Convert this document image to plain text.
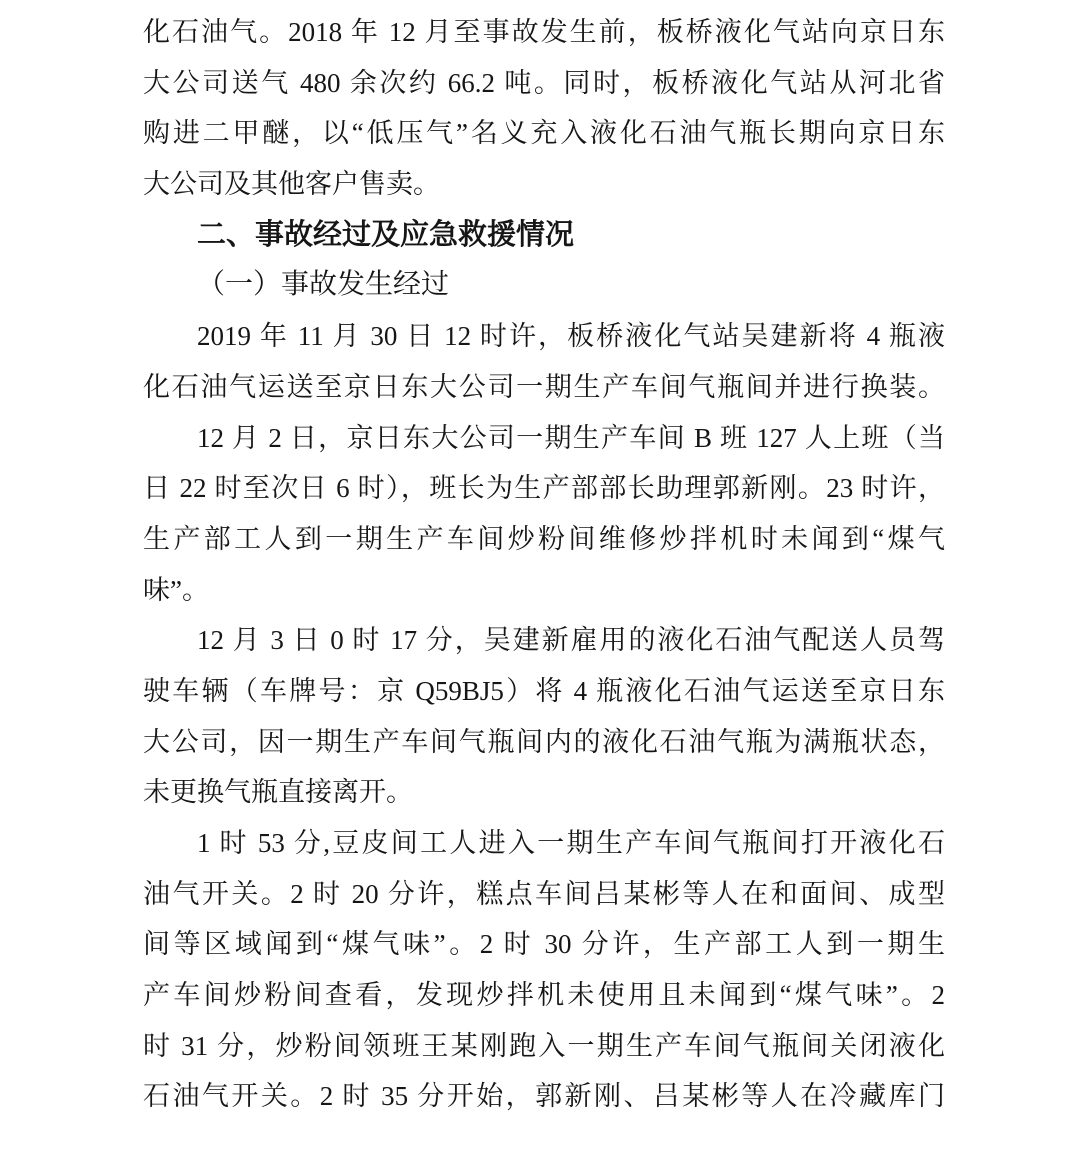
化石油气。2018 年 12 月至事故发生前，板桥液化气站向京日东
大公司送气 480 余次约 66.2 吨。同时，板桥液化气站从河北省
购进二甲醚，以“低压气”名义充入液化石油气瓶长期向京日东
大公司及其他客户售卖。
二、事故经过及应急救援情况
（一）事故发生经过
2019 年 11 月 30 日 12 时许，板桥液化气站吴建新将 4 瓶液
化石油气运送至京日东大公司一期生产车间气瓶间并进行换装。
12 月 2 日，京日东大公司一期生产车间 B 班 127 人上班（当
日 22 时至次日 6 时），班长为生产部部长助理郭新刚。23 时许，
生产部工人到一期生产车间炒粉间维修炒拌机时未闻到“煤气
味”。
12 月 3 日 0 时 17 分，吴建新雇用的液化石油气配送人员驾
驶车辆（车牌号：京 Q59BJ5）将 4 瓶液化石油气运送至京日东
大公司，因一期生产车间气瓶间内的液化石油气瓶为满瓶状态，
未更换气瓶直接离开。
1 时 53 分,豆皮间工人进入一期生产车间气瓶间打开液化石
油气开关。2 时 20 分许，糕点车间吕某彬等人在和面间、成型
间等区域闻到“煤气味”。2 时 30 分许，生产部工人到一期生
产车间炒粉间查看，发现炒拌机未使用且未闻到“煤气味”。2
时 31 分，炒粉间领班王某刚跑入一期生产车间气瓶间关闭液化
石油气开关。2 时 35 分开始，郭新刚、吕某彬等人在冷藏库门
